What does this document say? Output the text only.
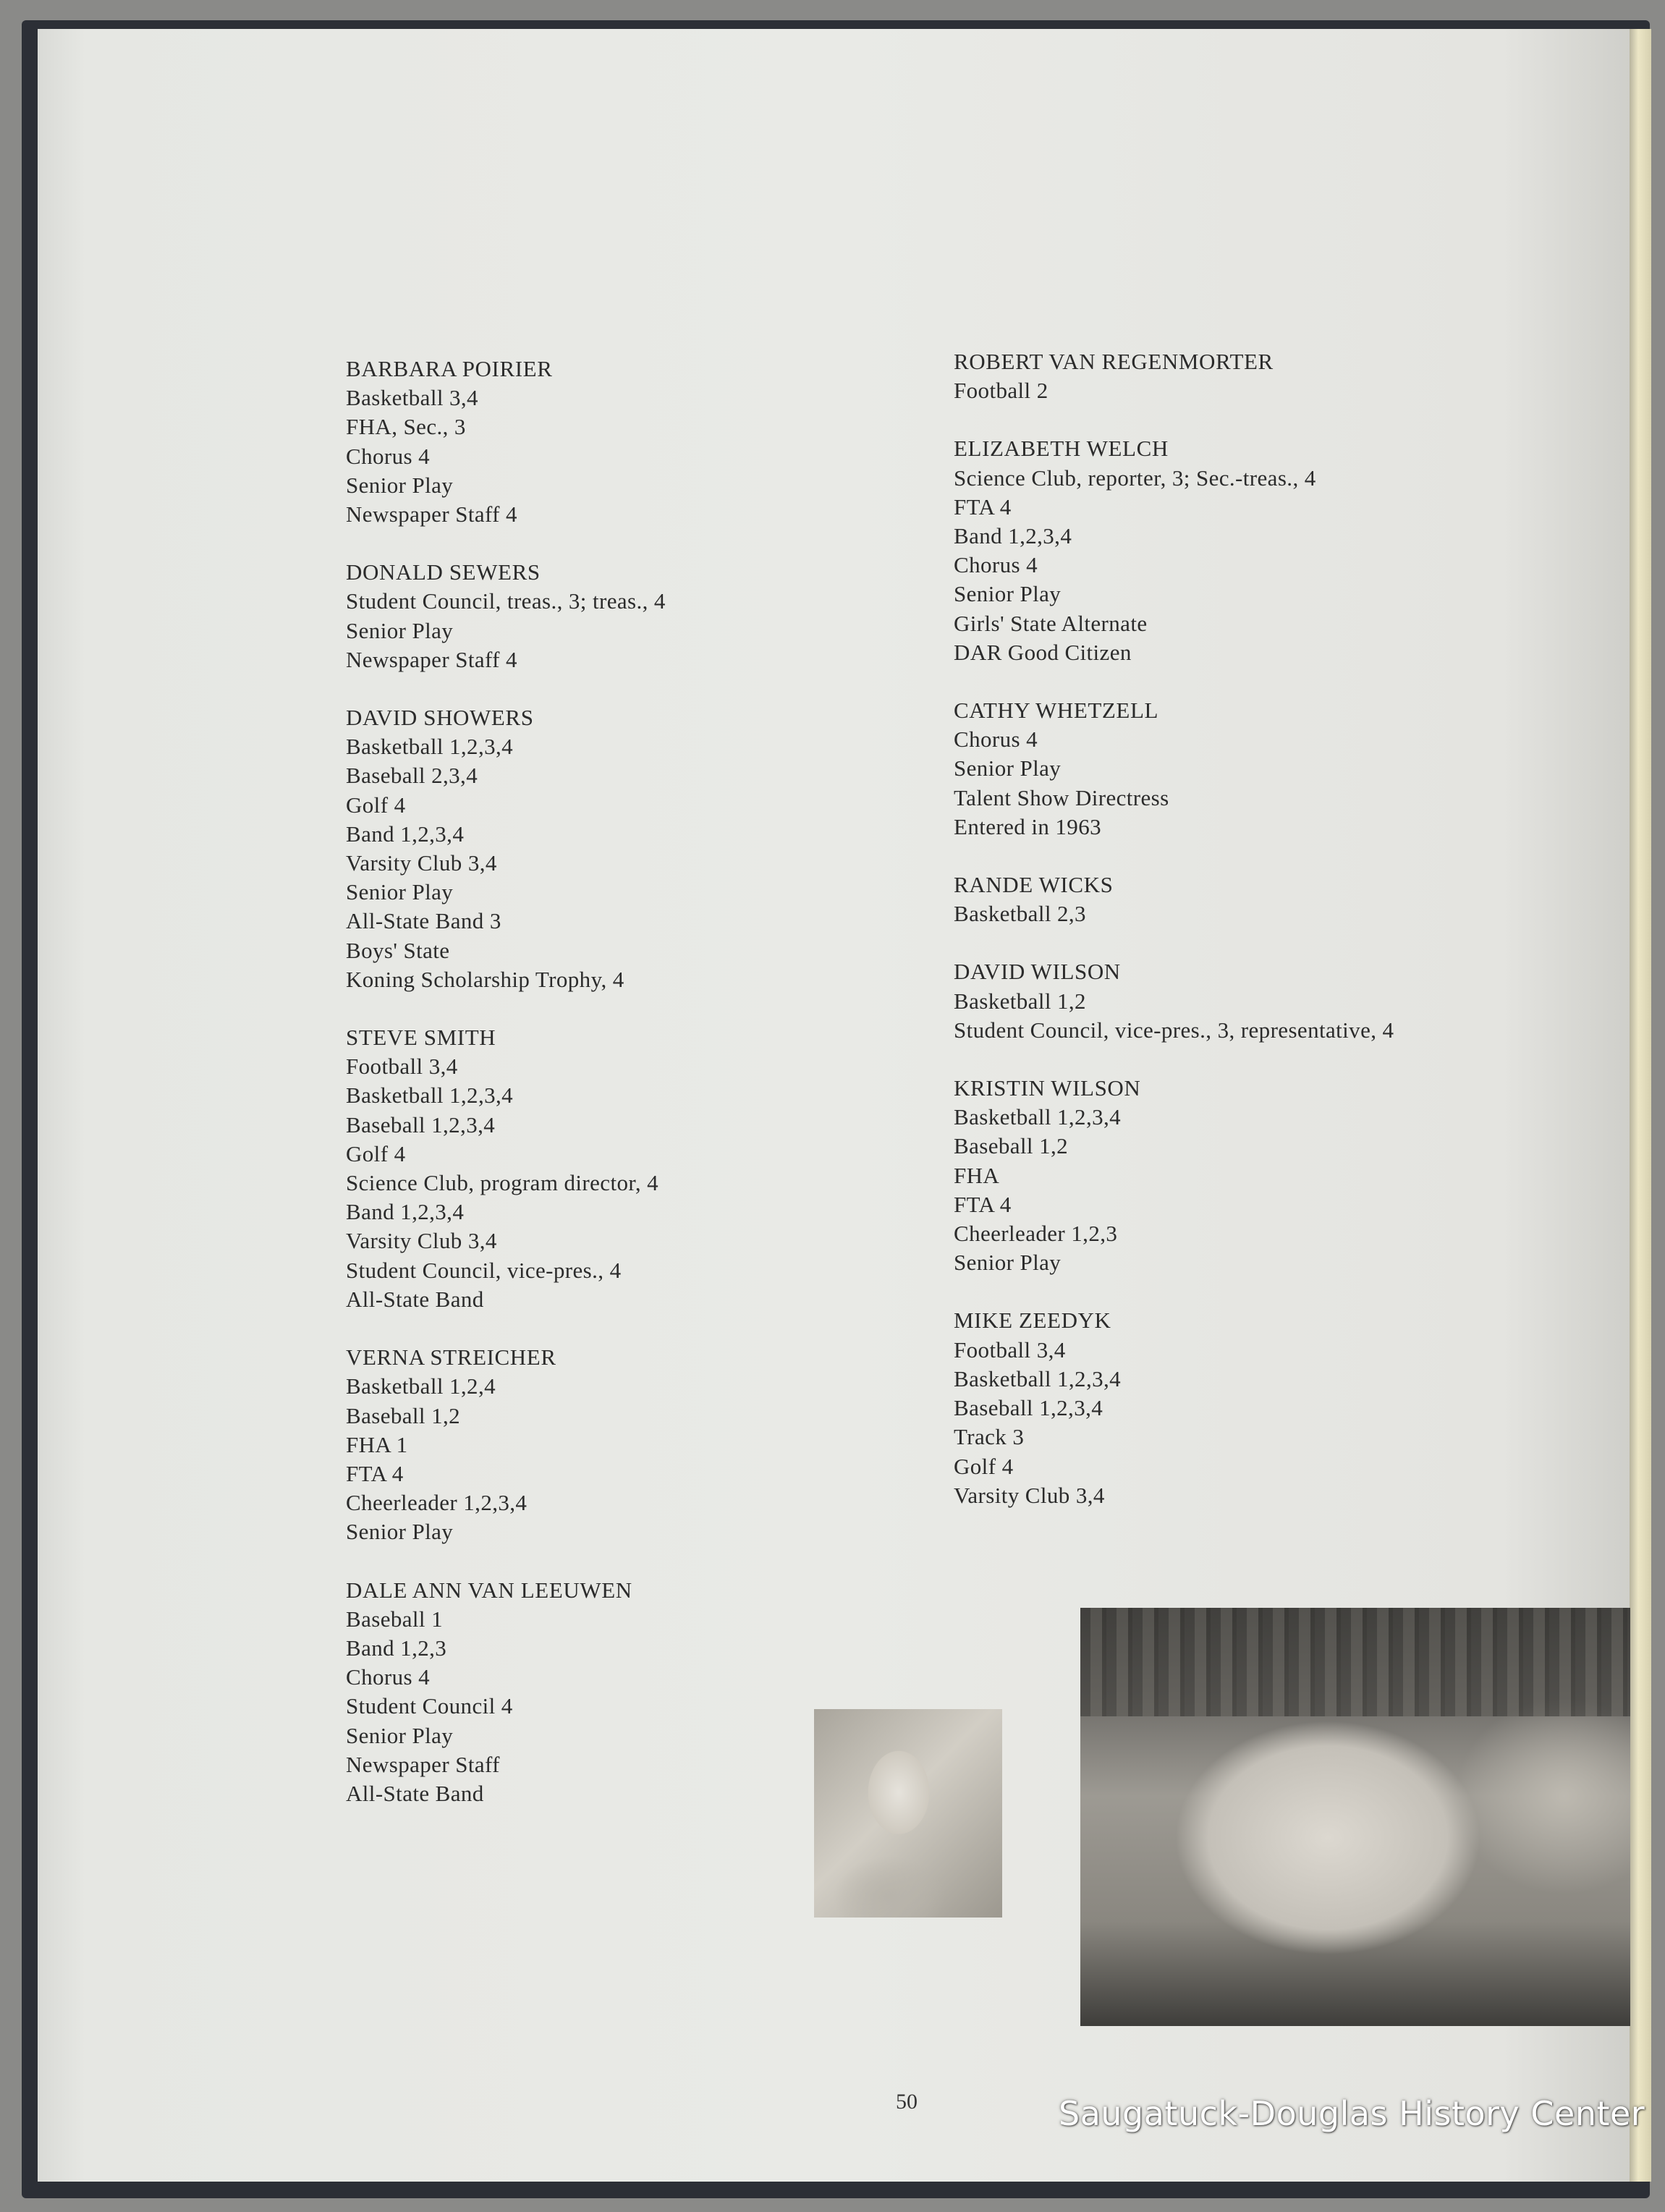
BARBARA POIRIER
Basketball 3,4
FHA, Sec., 3
Chorus 4
Senior Play
Newspaper Staff 4
DONALD SEWERS
Student Council, treas., 3; treas., 4
Senior Play
Newspaper Staff 4
DAVID SHOWERS
Basketball 1,2,3,4
Baseball 2,3,4
Golf 4
Band 1,2,3,4
Varsity Club 3,4
Senior Play
All-State Band 3
Boys' State
Koning Scholarship Trophy, 4
STEVE SMITH
Football 3,4
Basketball 1,2,3,4
Baseball 1,2,3,4
Golf 4
Science Club, program director, 4
Band 1,2,3,4
Varsity Club 3,4
Student Council, vice-pres., 4
All-State Band
VERNA STREICHER
Basketball 1,2,4
Baseball 1,2
FHA 1
FTA 4
Cheerleader 1,2,3,4
Senior Play
DALE ANN VAN LEEUWEN
Baseball 1
Band 1,2,3
Chorus 4
Student Council 4
Senior Play
Newspaper Staff
All-State Band
ROBERT VAN REGENMORTER
Football 2
ELIZABETH WELCH
Science Club, reporter, 3; Sec.-treas., 4
FTA 4
Band 1,2,3,4
Chorus 4
Senior Play
Girls' State Alternate
DAR Good Citizen
CATHY WHETZELL
Chorus 4
Senior Play
Talent Show Directress
Entered in 1963
RANDE WICKS
Basketball 2,3
DAVID WILSON
Basketball 1,2
Student Council, vice-pres., 3, representative, 4
KRISTIN WILSON
Basketball 1,2,3,4
Baseball 1,2
FHA
FTA 4
Cheerleader 1,2,3
Senior Play
MIKE ZEEDYK
Football 3,4
Basketball 1,2,3,4
Baseball 1,2,3,4
Track 3
Golf 4
Varsity Club 3,4
50	Saugatuck-Douglas History Center
